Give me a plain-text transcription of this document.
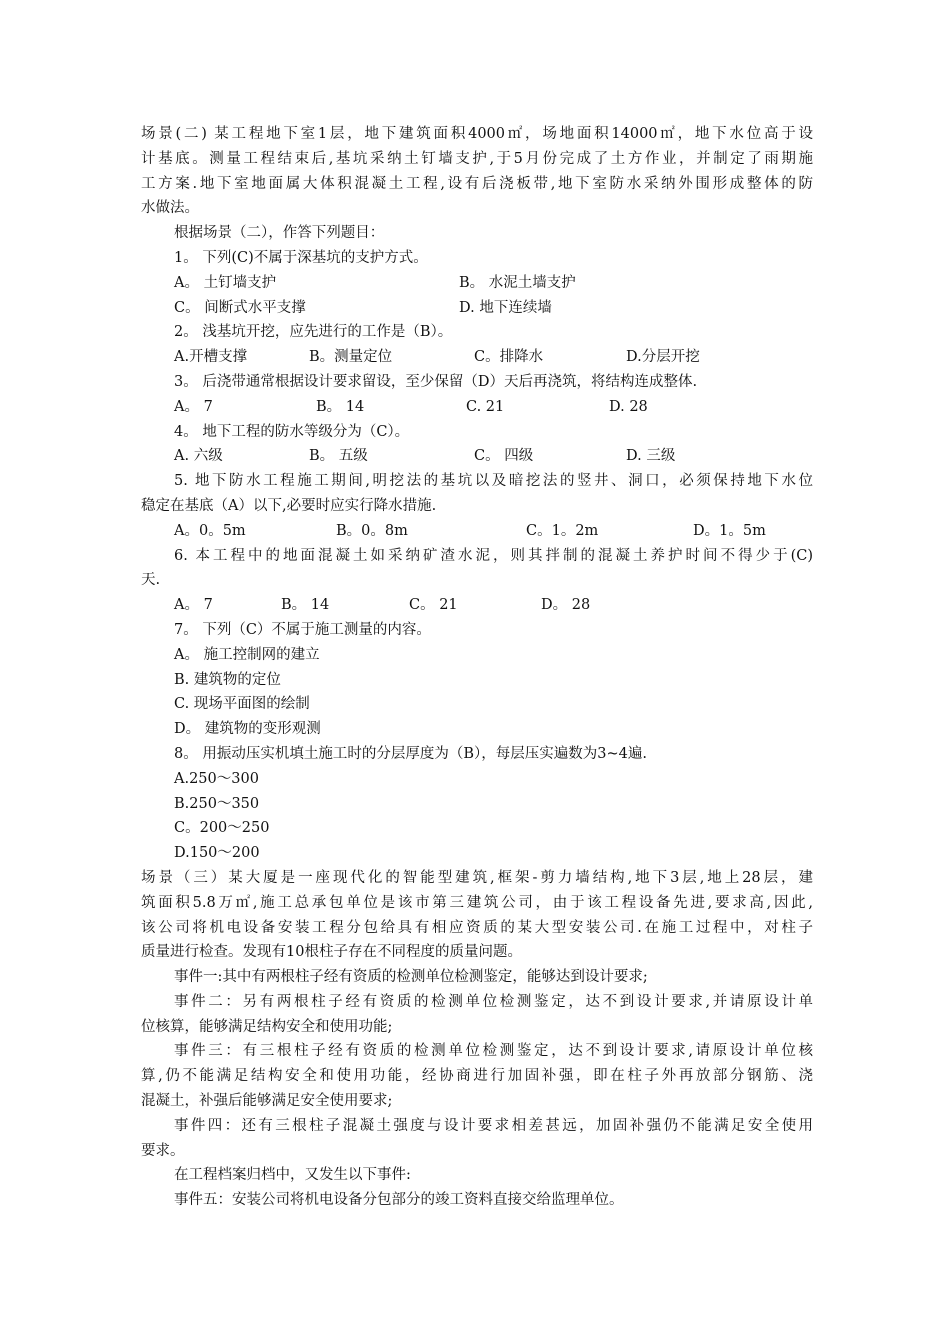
场景(二) 某工程地下室1层，地下建筑面积4000㎡，场地面积14000㎡，地下水位高于设
计基底。测量工程结束后,基坑采纳土钉墙支护,于5月份完成了土方作业，并制定了雨期施
工方案.地下室地面属大体积混凝土工程,设有后浇板带,地下室防水采纳外围形成整体的防
水做法。
根据场景（二），作答下列题目：
1。 下列(C)不属于深基坑的支护方式。
A。 土钉墙支护	B。 水泥土墙支护
C。 间断式水平支撑	D. 地下连续墙
2。 浅基坑开挖，应先进行的工作是（B）。
A.开槽支撑	B。测量定位	C。排降水	D.分层开挖
3。 后浇带通常根据设计要求留设，至少保留（D）天后再浇筑，将结构连成整体.
A。 7	B。 14	C. 21	D. 28
4。 地下工程的防水等级分为（C）。
A. 六级	B。 五级	C。 四级	D. 三级
5. 地下防水工程施工期间,明挖法的基坑以及暗挖法的竖井、洞口，必须保持地下水位
稳定在基底（A）以下,必要时应实行降水措施.
A。0。5m	B。0。8m	C。1。2m	D。1。5m
6. 本工程中的地面混凝土如采纳矿渣水泥，则其拌制的混凝土养护时间不得少于(C)
天.
A。 7	B。 14	C。 21	D。 28
7。 下列（C）不属于施工测量的内容。
A。 施工控制网的建立
B. 建筑物的定位
C. 现场平面图的绘制
D。 建筑物的变形观测
8。 用振动压实机填土施工时的分层厚度为（B），每层压实遍数为3~4遍.
A.250～300
B.250～350
C。200～250
D.150～200
场景（三）某大厦是一座现代化的智能型建筑,框架-剪力墙结构,地下3层,地上28层，建
筑面积5.8万㎡,施工总承包单位是该市第三建筑公司，由于该工程设备先进,要求高,因此,
该公司将机电设备安装工程分包给具有相应资质的某大型安装公司.在施工过程中，对柱子
质量进行检查。发现有10根柱子存在不同程度的质量问题。
事件一:其中有两根柱子经有资质的检测单位检测鉴定，能够达到设计要求;
事件二：另有两根柱子经有资质的检测单位检测鉴定，达不到设计要求,并请原设计单
位核算，能够满足结构安全和使用功能;
事件三：有三根柱子经有资质的检测单位检测鉴定，达不到设计要求,请原设计单位核
算,仍不能满足结构安全和使用功能，经协商进行加固补强，即在柱子外再放部分钢筋、浇
混凝土，补强后能够满足安全使用要求;
事件四：还有三根柱子混凝土强度与设计要求相差甚远，加固补强仍不能满足安全使用
要求。
在工程档案归档中，又发生以下事件:
事件五：安装公司将机电设备分包部分的竣工资料直接交给监理单位。
